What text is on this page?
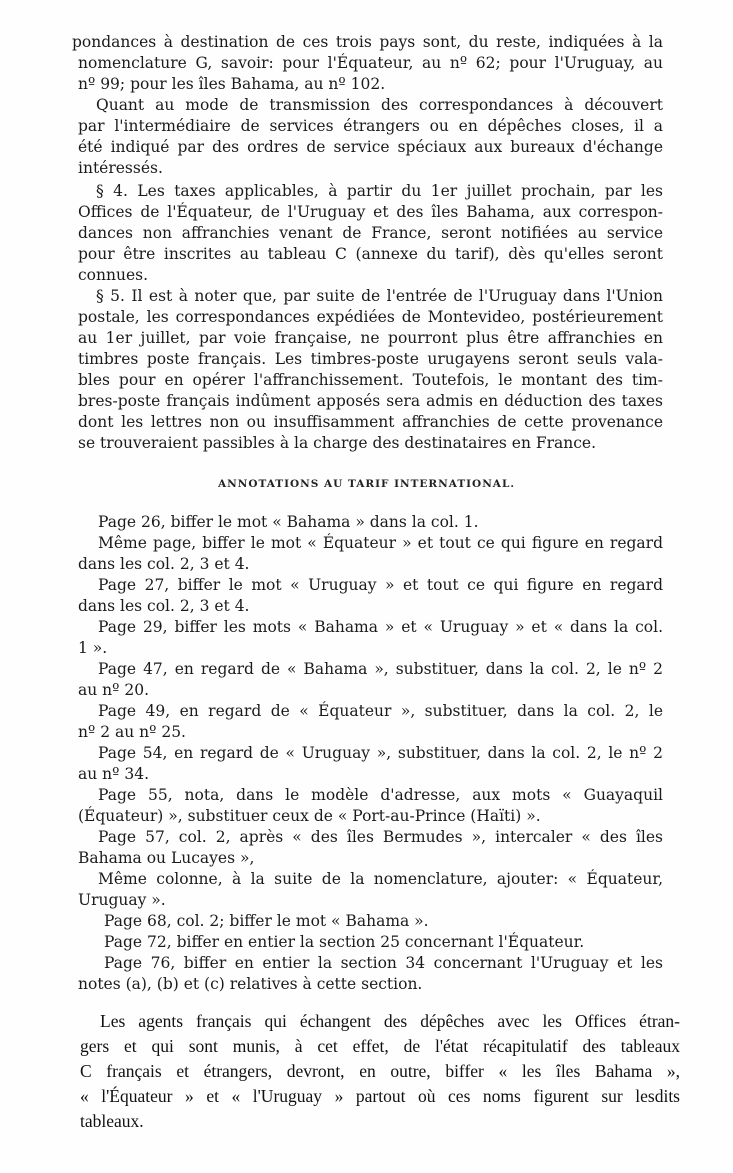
pondances à destination de ces trois pays sont, du reste, indiquées à la
nomenclature G, savoir: pour l'Équateur, au nº 62; pour l'Uruguay, au
nº 99; pour les îles Bahama, au nº 102.
Quant au mode de transmission des correspondances à découvert
par l'intermédiaire de services étrangers ou en dépêches closes, il a
été indiqué par des ordres de service spéciaux aux bureaux d'échange
intéressés.
§ 4. Les taxes applicables, à partir du 1er juillet prochain, par les
Offices de l'Équateur, de l'Uruguay et des îles Bahama, aux correspon-
dances non affranchies venant de France, seront notifiées au service
pour être inscrites au tableau C (annexe du tarif), dès qu'elles seront
connues.
§ 5. Il est à noter que, par suite de l'entrée de l'Uruguay dans l'Union
postale, les correspondances expédiées de Montevideo, postérieurement
au 1er juillet, par voie française, ne pourront plus être affranchies en
timbres poste français. Les timbres-poste urugayens seront seuls vala-
bles pour en opérer l'affranchissement. Toutefois, le montant des tim-
bres-poste français indûment apposés sera admis en déduction des taxes
dont les lettres non ou insuffisamment affranchies de cette provenance
se trouveraient passibles à la charge des destinataires en France.
ANNOTATIONS AU TARIF INTERNATIONAL.
Page 26, biffer le mot « Bahama » dans la col. 1.
Même page, biffer le mot « Équateur » et tout ce qui figure en regard
dans les col. 2, 3 et 4.
Page 27, biffer le mot « Uruguay » et tout ce qui figure en regard
dans les col. 2, 3 et 4.
Page 29, biffer les mots « Bahama » et « Uruguay » et « dans la col.
1 ».
Page 47, en regard de « Bahama », substituer, dans la col. 2, le nº 2
au nº 20.
Page 49, en regard de « Équateur », substituer, dans la col. 2, le
nº 2 au nº 25.
Page 54, en regard de « Uruguay », substituer, dans la col. 2, le nº 2
au nº 34.
Page 55, nota, dans le modèle d'adresse, aux mots « Guayaquil
(Équateur) », substituer ceux de « Port-au-Prince (Haïti) ».
Page 57, col. 2, après « des îles Bermudes », intercaler « des îles
Bahama ou Lucayes »,
Même colonne, à la suite de la nomenclature, ajouter: « Équateur,
Uruguay ».
Page 68, col. 2; biffer le mot « Bahama ».
Page 72, biffer en entier la section 25 concernant l'Équateur.
Page 76, biffer en entier la section 34 concernant l'Uruguay et les
notes (a), (b) et (c) relatives à cette section.
Les agents français qui échangent des dépêches avec les Offices étran-
gers et qui sont munis, à cet effet, de l'état récapitulatif des tableaux
C français et étrangers, devront, en outre, biffer « les îles Bahama »,
« l'Équateur » et « l'Uruguay » partout où ces noms figurent sur lesdits
tableaux.
